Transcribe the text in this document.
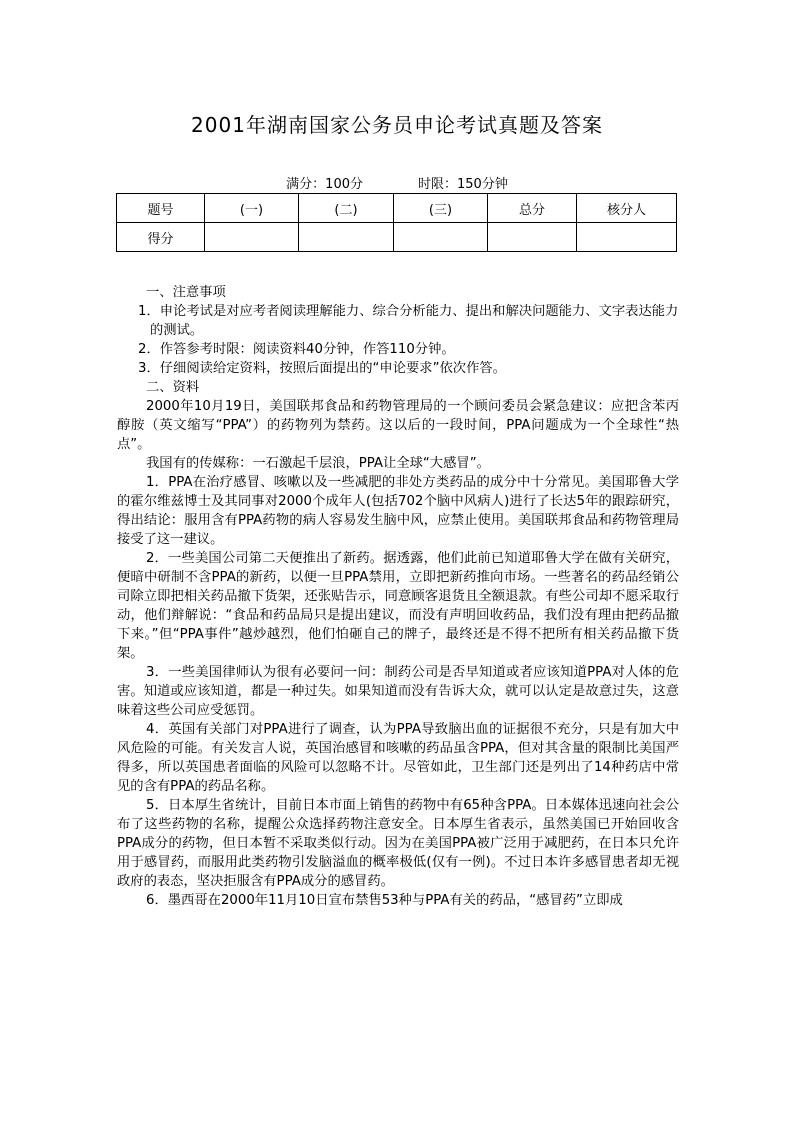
2001年湖南国家公务员申论考试真题及答案
满分：100分	时限：150分钟
题号	(一)	(二)	(三)	总分	核分人
得分					

一、注意事项

1．申论考试是对应考者阅读理解能力、综合分析能力、提出和解决问题能力、文字表达能力的测试。

2．作答参考时限：阅读资料40分钟，作答110分钟。

3．仔细阅读给定资料，按照后面提出的“申论要求”依次作答。

二、资料

2000年10月19日，美国联邦食品和药物管理局的一个顾问委员会紧急建议：应把含苯丙醇胺（英文缩写“PPA”）的药物列为禁药。这以后的一段时间，PPA问题成为一个全球性“热点”。

我国有的传媒称：一石激起千层浪，PPA让全球“大感冒”。

1．PPA在治疗感冒、咳嗽以及一些减肥的非处方类药品的成分中十分常见。美国耶鲁大学的霍尔维兹博士及其同事对2000个成年人(包括702个脑中风病人)进行了长达5年的跟踪研究，得出结论：服用含有PPA药物的病人容易发生脑中风，应禁止使用。美国联邦食品和药物管理局接受了这一建议。

2．一些美国公司第二天便推出了新药。据透露，他们此前已知道耶鲁大学在做有关研究，便暗中研制不含PPA的新药，以便一旦PPA禁用，立即把新药推向市场。一些著名的药品经销公司除立即把相关药品撤下货架，还张贴告示，同意顾客退货且全额退款。有些公司却不愿采取行动，他们辩解说：“食品和药品局只是提出建议，而没有声明回收药品，我们没有理由把药品撤下来。”但“PPA事件”越炒越烈，他们怕砸自己的牌子，最终还是不得不把所有相关药品撤下货架。

3．一些美国律师认为很有必要问一问：制药公司是否早知道或者应该知道PPA对人体的危害。知道或应该知道，都是一种过失。如果知道而没有告诉大众，就可以认定是故意过失，这意味着这些公司应受惩罚。

4．英国有关部门对PPA进行了调查，认为PPA导致脑出血的证据很不充分，只是有加大中风危险的可能。有关发言人说，英国治感冒和咳嗽的药品虽含PPA，但对其含量的限制比美国严得多，所以英国患者面临的风险可以忽略不计。尽管如此，卫生部门还是列出了14种药店中常见的含有PPA的药品名称。

5．日本厚生省统计，目前日本市面上销售的药物中有65种含PPA。日本媒体迅速向社会公布了这些药物的名称，提醒公众选择药物注意安全。日本厚生省表示，虽然美国已开始回收含PPA成分的药物，但日本暂不采取类似行动。因为在美国PPA被广泛用于减肥药，在日本只允许用于感冒药，而服用此类药物引发脑溢血的概率极低(仅有一例)。不过日本许多感冒患者却无视政府的表态，坚决拒服含有PPA成分的感冒药。

6．墨西哥在2000年11月10日宣布禁售53种与PPA有关的药品，“感冒药”立即成
